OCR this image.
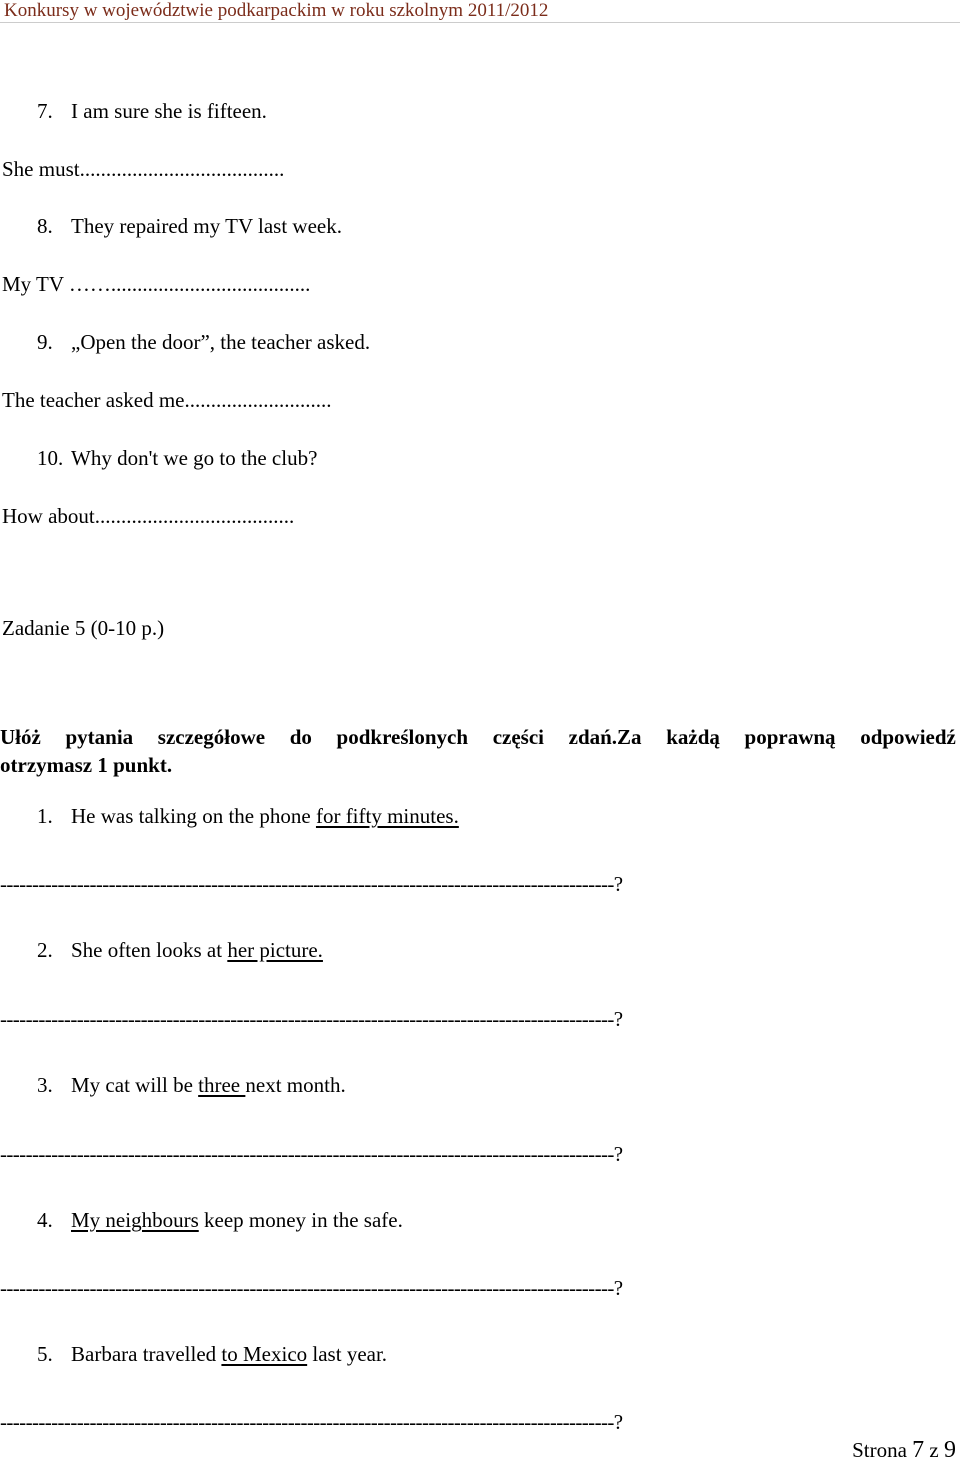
Konkursy w województwie podkarpackim w roku szkolnym 2011/2012
7. I am sure she is fifteen.
She must.......................................
8. They repaired my TV last week.
My TV ……......................................
9. „Open the door”, the teacher asked.
The teacher asked me............................
10. Why don't we go to the club?
How about......................................
Zadanie 5 (0-10 p.)
Ułóż pytania szczegółowe do podkreślonych części zdań.Za każdą poprawną odpowiedź
otrzymasz 1 punkt.
1. He was talking on the phone for fifty minutes.
------------------------------------------------------------------------------------------------?
2. She often looks at her picture.
------------------------------------------------------------------------------------------------?
3. My cat will be three next month.
------------------------------------------------------------------------------------------------?
4. My neighbours keep money in the safe.
------------------------------------------------------------------------------------------------?
5. Barbara travelled to Mexico last year.
------------------------------------------------------------------------------------------------?
Strona 7 z 9
